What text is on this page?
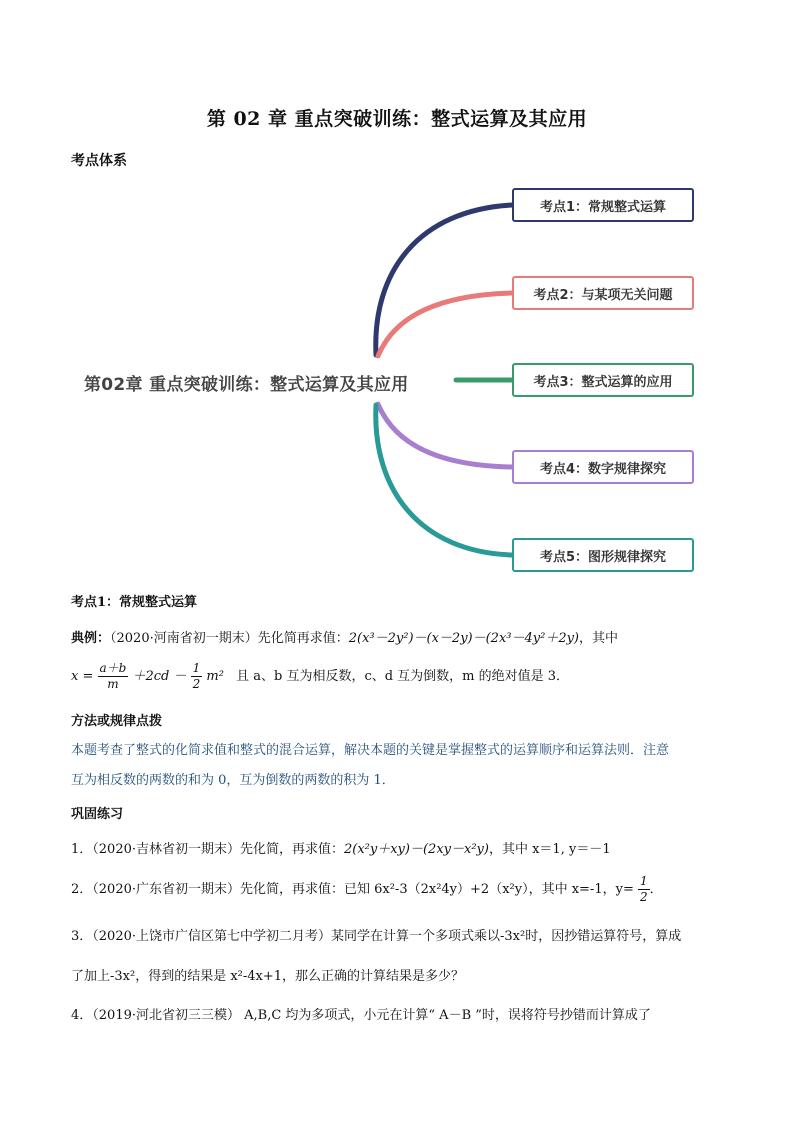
第 02 章 重点突破训练：整式运算及其应用
考点体系
第02章 重点突破训练：整式运算及其应用
考点1：常规整式运算
考点2：与某项无关问题
考点3：整式运算的应用
考点4：数字规律探究
考点5：图形规律探究
考点1：常规整式运算
典例：（2020·河南省初一期末）先化简再求值：2(x³－2y²)－(x－2y)－(2x³－4y²＋2y)，其中
$x = \frac{a+b}{m} +2cd - \frac{1}{2} m^2$ 且 a、b 互为相反数，c、d 互为倒数，m 的绝对值是 3．
方法或规律点拨
本题考查了整式的化简求值和整式的混合运算，解决本题的关键是掌握整式的运算顺序和运算法则．注意
互为相反数的两数的和为 0，互为倒数的两数的积为 1．
巩固练习
1．（2020·吉林省初一期末）先化简，再求值：2(x²y＋xy)－(2xy－x²y)，其中 x＝1, y＝－1
2．（2020·广东省初一期末）先化简，再求值：已知 6x²-3（2x²4y）+2（x²y），其中 x=-1，$y= \frac{1}{2}$ ．
3．（2020·上饶市广信区第七中学初二月考）某同学在计算一个多项式乘以-3x²时，因抄错运算符号，算成
了加上-3x²，得到的结果是 x²-4x+1，那么正确的计算结果是多少？
4．（2019·河北省初三三模） A,B,C 均为多项式，小元在计算“ A－B ”时，误将符号抄错而计算成了
